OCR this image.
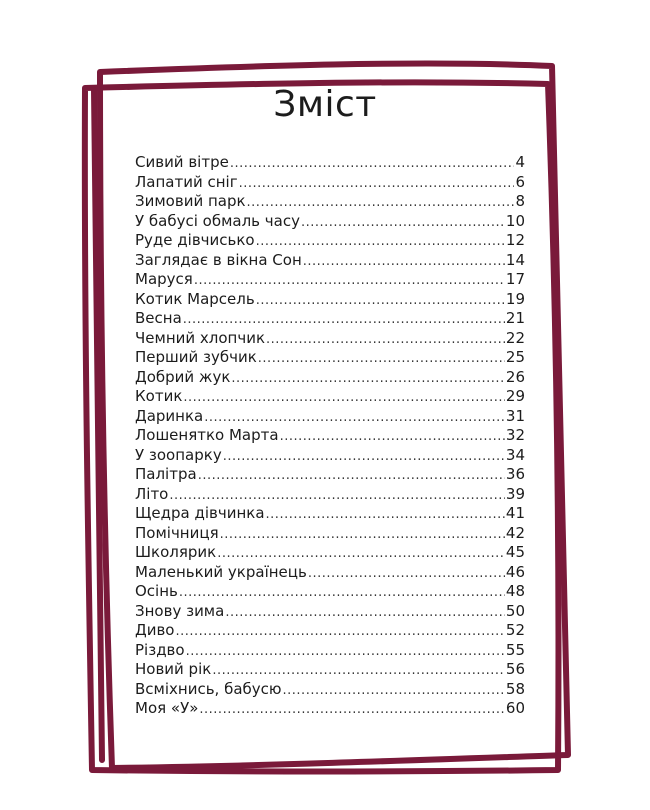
Зміст
Сивий вітре .....	4
Лапатий сніг .....	6
Зимовий парк .....	8
У бабусі обмаль часу .....	10
Руде дівчисько .....	12
Заглядає в вікна Сон .....	14
Маруся .....	17
Котик Марсель .....	19
Весна .....	21
Чемний хлопчик .....	22
Перший зубчик .....	25
Добрий жук .....	26
Котик .....	29
Даринка .....	31
Лошенятко Марта .....	32
У зоопарку .....	34
Палітра .....	36
Літо .....	39
Щедра дівчинка .....	41
Помічниця .....	42
Школярик .....	45
Маленький українець .....	46
Осінь .....	48
Знову зима .....	50
Диво .....	52
Різдво .....	55
Новий рік .....	56
Всміхнись, бабусю .....	58
Моя «У» .....	60
